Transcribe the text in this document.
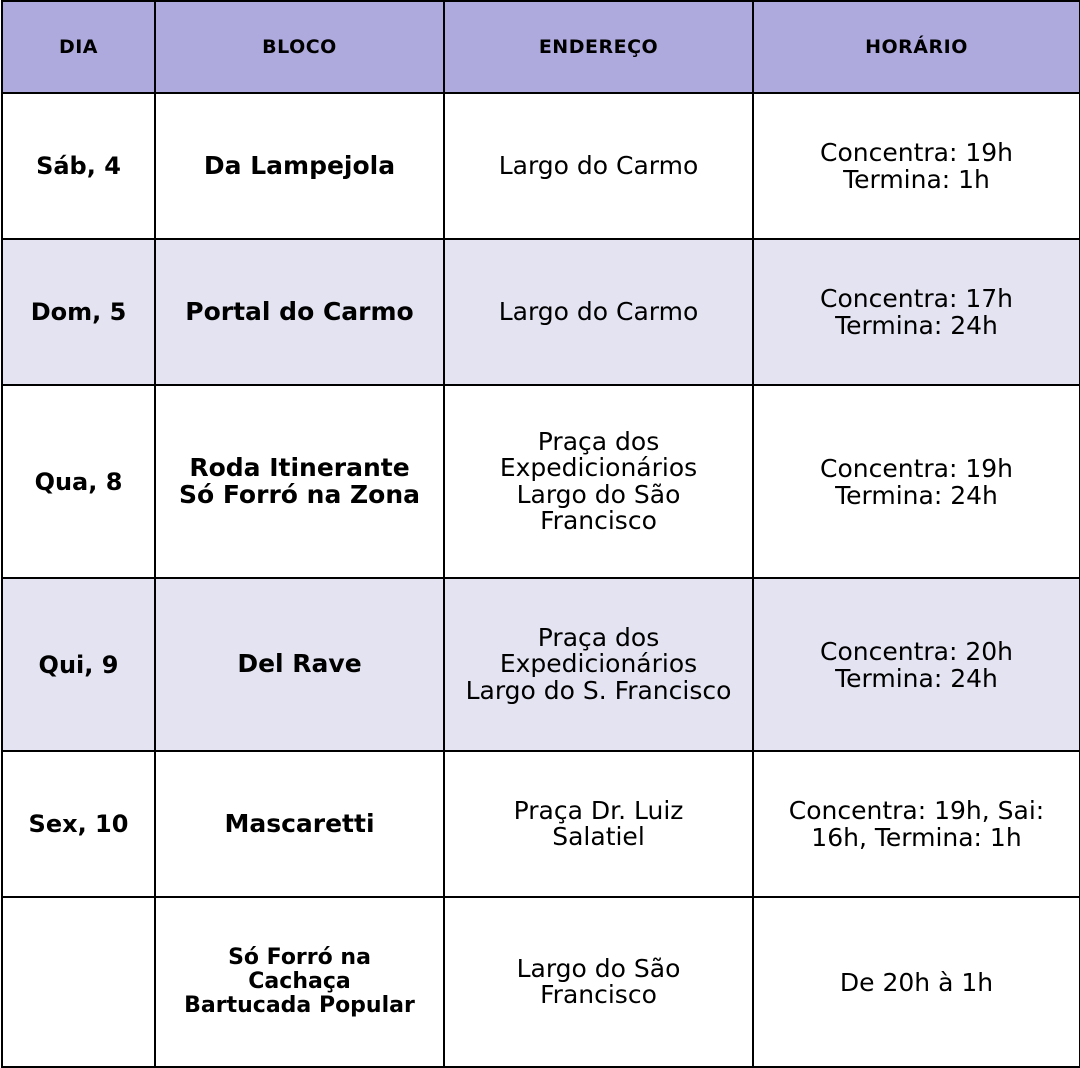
DIA	BLOCO	ENDEREÇO	HORÁRIO
Sáb, 4	Da Lampejola	Largo do Carmo	Concentra: 19h
Termina: 1h

Dom, 5	Portal do Carmo	Largo do Carmo	Concentra: 17h
Termina: 24h

Qua, 8	Roda Itinerante
Só Forró na Zona	Praça dos
Expedicionários
Largo do São
Francisco	Concentra: 19h
Termina: 24h

Qui, 9	Del Rave	Praça dos
Expedicionários
Largo do S. Francisco	Concentra: 20h
Termina: 24h

Sex, 10	Mascaretti	Praça Dr. Luiz
Salatiel	Concentra: 19h, Sai:
16h, Termina: 1h

	Só Forró na
Cachaça
Bartucada Popular	Largo do São
Francisco	De 20h à 1h
